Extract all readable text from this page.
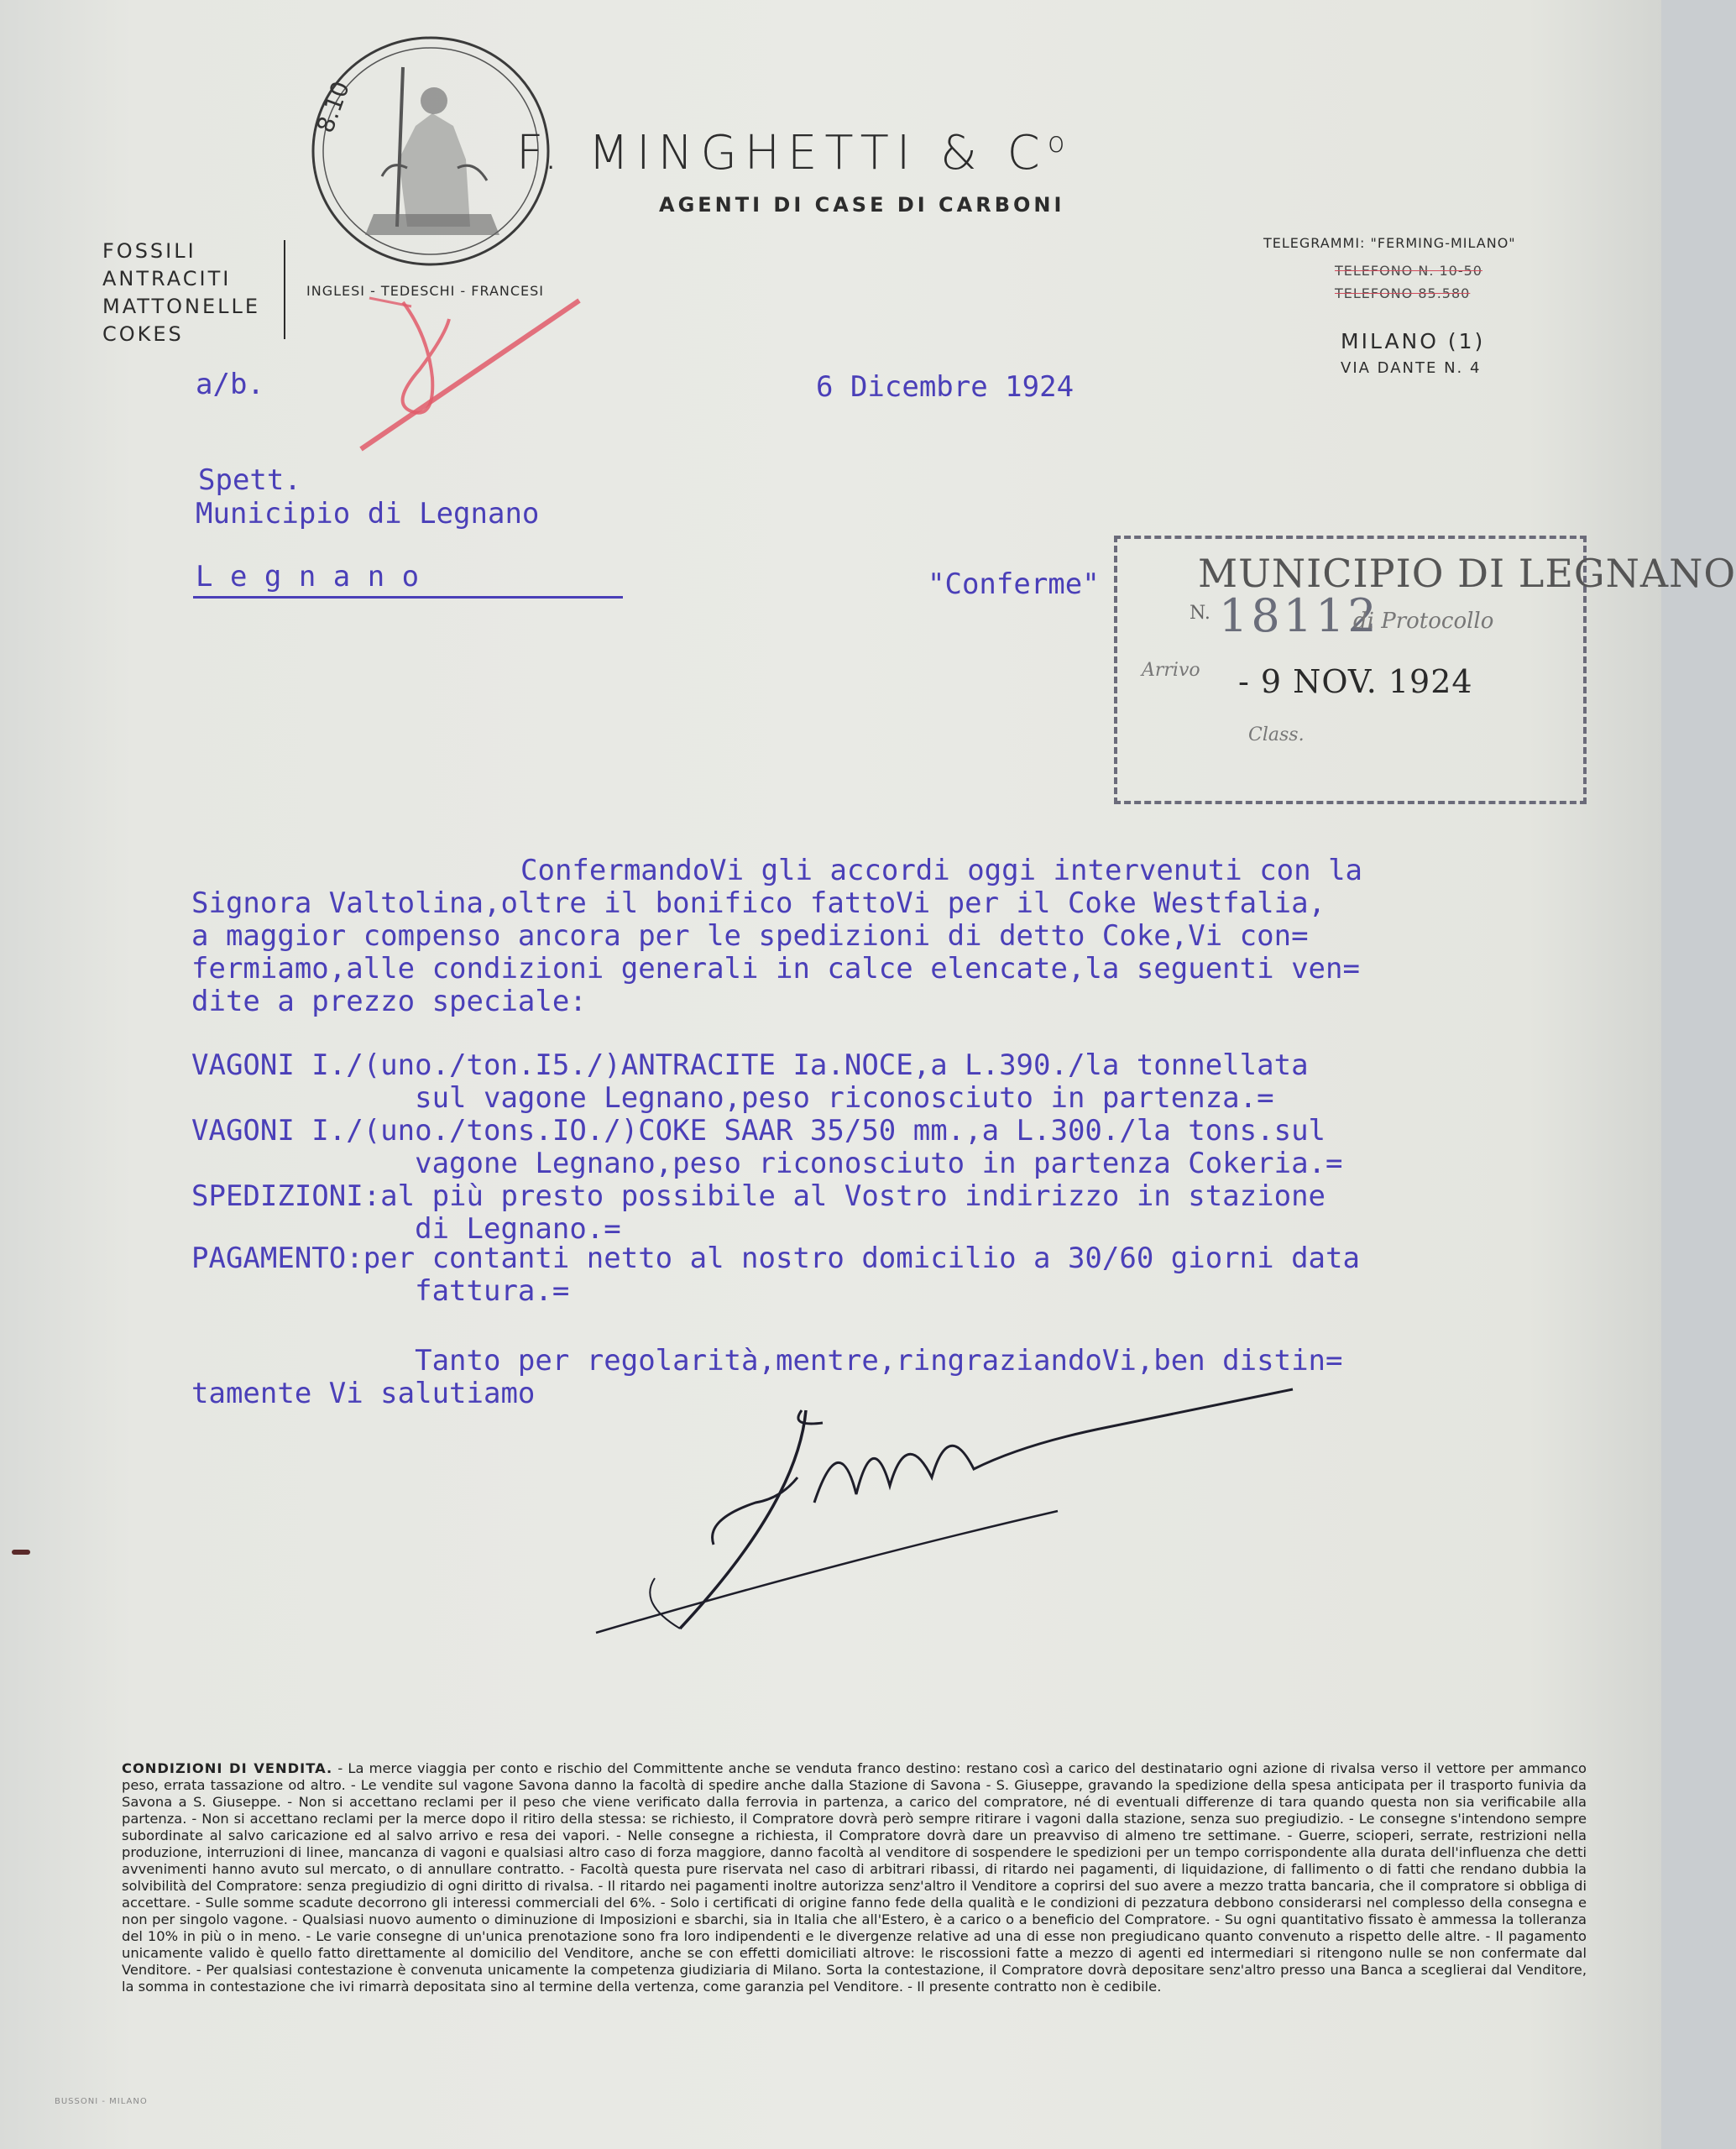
8.10
F. MINGHETTI & $C^o$
AGENTI DI CASE DI CARBONI
FOSSILI
ANTRACITI
MATTONELLE
COKES
INGLESI - TEDESCHI - FRANCESI
TELEGRAMMI: "FERMING-MILANO"
TELEFONO N. 10-50
TELEFONO 85.580
MILANO (1)
VIA DANTE N. 4
a/b.	6 Dicembre 1924
Spett.
Municipio di Legnano
L e g n a n o	"Conferme"	MUNICIPIO DI LEGNANO
N. 18112
di Protocollo
Arrivo - 9 NOV. 1924
Class.
ConfermandoVi gli accordi oggi intervenuti con la
Signora Valtolina,oltre il bonifico fattoVi per il Coke Westfalia,
a maggior compenso ancora per le spedizioni di detto Coke,Vi con=
fermiamo,alle condizioni generali in calce elencate,la seguenti ven=
dite a prezzo speciale:
VAGONI I./(uno./ton.I5./)ANTRACITE Ia.NOCE,a L.390./la tonnellata
sul vagone Legnano,peso riconosciuto in partenza.=
VAGONI I./(uno./tons.IO./)COKE SAAR 35/50 mm.,a L.300./la tons.sul
vagone Legnano,peso riconosciuto in partenza Cokeria.=
SPEDIZIONI:al più presto possibile al Vostro indirizzo in stazione
di Legnano.=
PAGAMENTO:per contanti netto al nostro domicilio a 30/60 giorni data
fattura.=
Tanto per regolarità,mentre,ringraziandoVi,ben distin=
tamente Vi salutiamo
CONDIZIONI DI VENDITA. - La merce viaggia per conto e rischio del Committente anche se venduta franco destino: restano così a carico del destinatario ogni azione di rivalsa verso il vettore per ammanco peso, errata tassazione od altro. - Le vendite sul vagone Savona danno la facoltà di spedire anche dalla Stazione di Savona - S. Giuseppe, gravando la spedizione della spesa anticipata per il trasporto funivia da Savona a S. Giuseppe. - Non si accettano reclami per il peso che viene verificato dalla ferrovia in partenza, a carico del compratore, né di eventuali differenze di tara quando questa non sia verificabile alla partenza. - Non si accettano reclami per la merce dopo il ritiro della stessa: se richiesto, il Compratore dovrà però sempre ritirare i vagoni dalla stazione, senza suo pregiudizio. - Le consegne s'intendono sempre subordinate al salvo caricazione ed al salvo arrivo e resa dei vapori. - Nelle consegne a richiesta, il Compratore dovrà dare un preavviso di almeno tre settimane. - Guerre, scioperi, serrate, restrizioni nella produzione, interruzioni di linee, mancanza di vagoni e qualsiasi altro caso di forza maggiore, danno facoltà al venditore di sospendere le spedizioni per un tempo corrispondente alla durata dell'influenza che detti avvenimenti hanno avuto sul mercato, o di annullare contratto. - Facoltà questa pure riservata nel caso di arbitrari ribassi, di ritardo nei pagamenti, di liquidazione, di fallimento o di fatti che rendano dubbia la solvibilità del Compratore: senza pregiudizio di ogni diritto di rivalsa. - Il ritardo nei pagamenti inoltre autorizza senz'altro il Venditore a coprirsi del suo avere a mezzo tratta bancaria, che il compratore si obbliga di accettare. - Sulle somme scadute decorrono gli interessi commerciali del 6%. - Solo i certificati di origine fanno fede della qualità e le condizioni di pezzatura debbono considerarsi nel complesso della consegna e non per singolo vagone. - Qualsiasi nuovo aumento o diminuzione di Imposizioni e sbarchi, sia in Italia che all'Estero, è a carico o a beneficio del Compratore. - Su ogni quantitativo fissato è ammessa la tolleranza del 10% in più o in meno. - Le varie consegne di un'unica prenotazione sono fra loro indipendenti e le divergenze relative ad una di esse non pregiudicano quanto convenuto a rispetto delle altre. - Il pagamento unicamente valido è quello fatto direttamente al domicilio del Venditore, anche se con effetti domiciliati altrove: le riscossioni fatte a mezzo di agenti ed intermediari si ritengono nulle se non confermate dal Venditore. - Per qualsiasi contestazione è convenuta unicamente la competenza giudiziaria di Milano. Sorta la contestazione, il Compratore dovrà depositare senz'altro presso una Banca a sceglierai dal Venditore, la somma in contestazione che ivi rimarrà depositata sino al termine della vertenza, come garanzia pel Venditore. - Il presente contratto non è cedibile.
BUSSONI - MILANO
